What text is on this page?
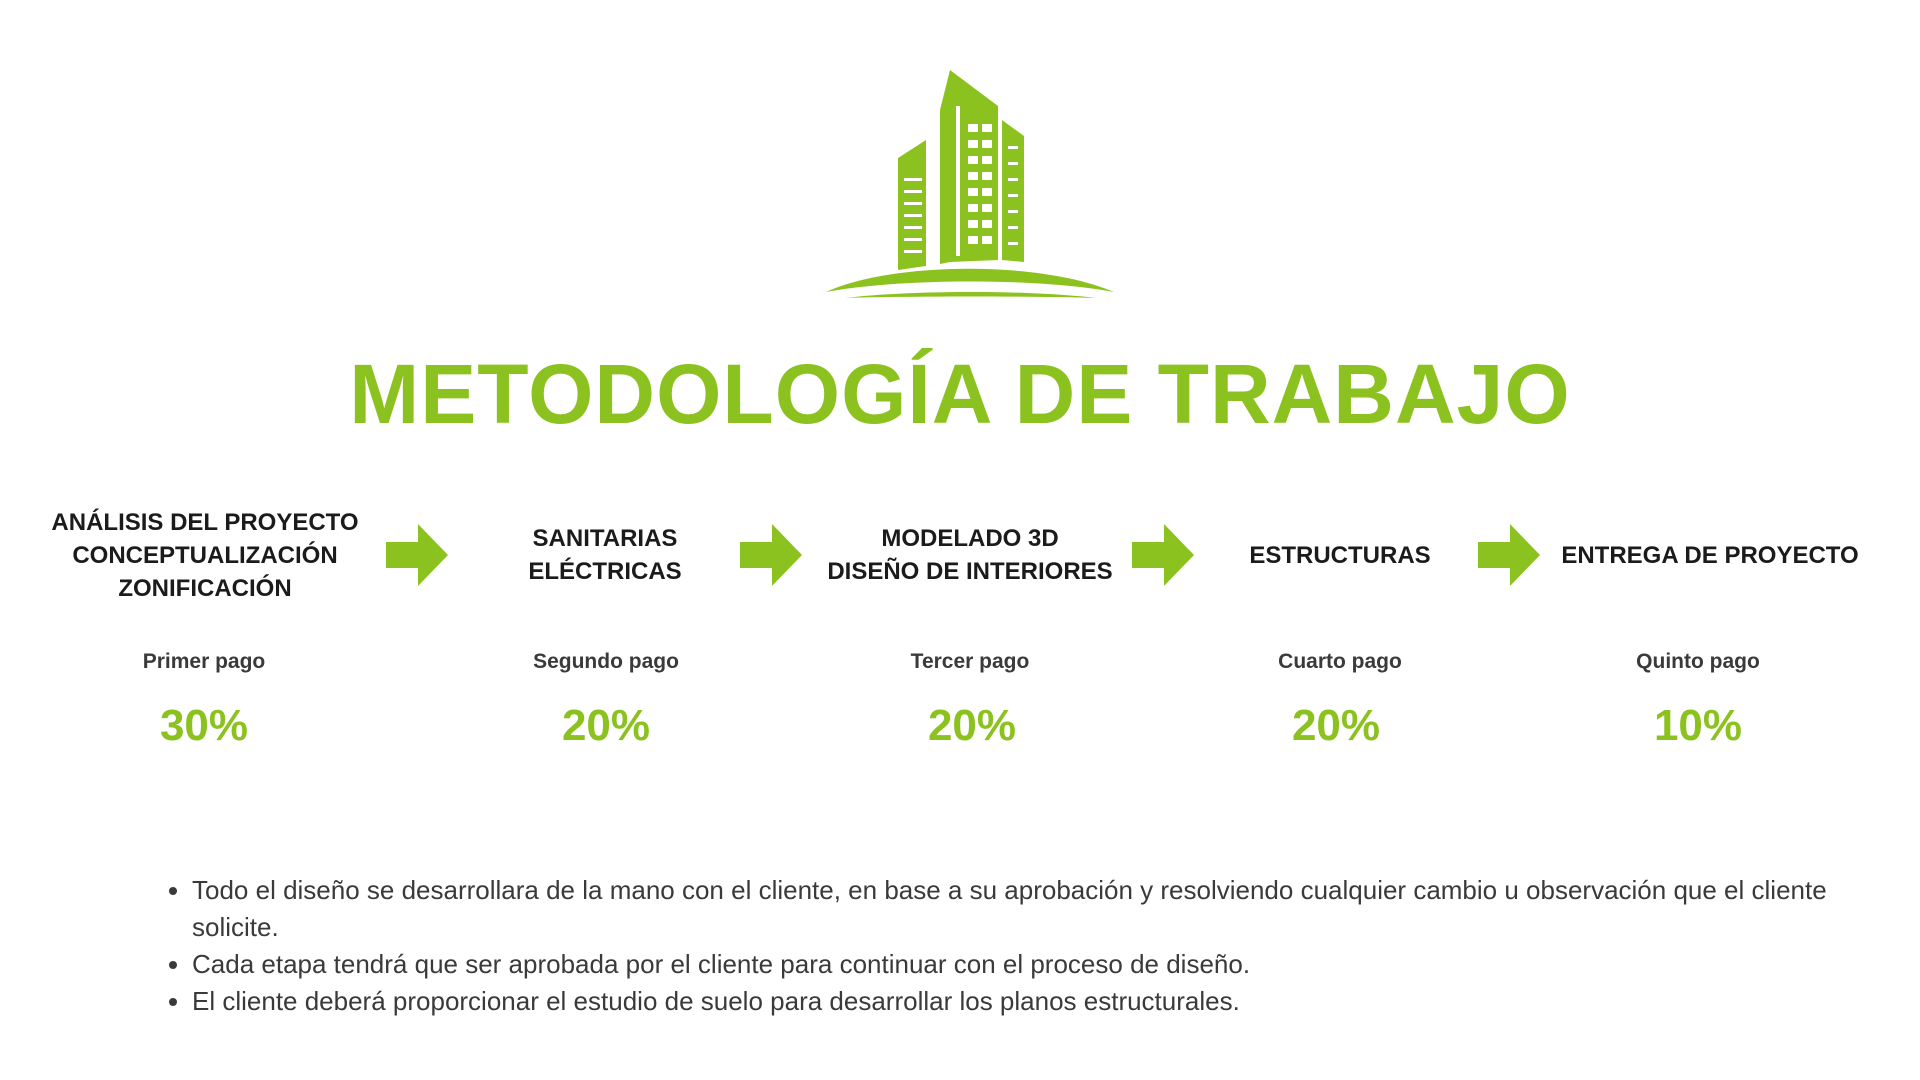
METODOLOGÍA DE TRABAJO
ANÁLISIS DEL PROYECTO
CONCEPTUALIZACIÓN
ZONIFICACIÓN
SANITARIAS
ELÉCTRICAS
MODELADO 3D
DISEÑO DE INTERIORES
ESTRUCTURAS	ENTREGA DE PROYECTO
Primer pago
30%
Segundo pago
20%
Tercer pago
20%
Cuarto pago
20%
Quinto pago
10%
• Todo el diseño se desarrollara de la mano con el cliente, en base a su aprobación y resolviendo cualquier cambio u observación que el cliente solicite.
• Cada etapa tendrá que ser aprobada por el cliente para continuar con el proceso de diseño.
• El cliente deberá proporcionar el estudio de suelo para desarrollar los planos estructurales.
